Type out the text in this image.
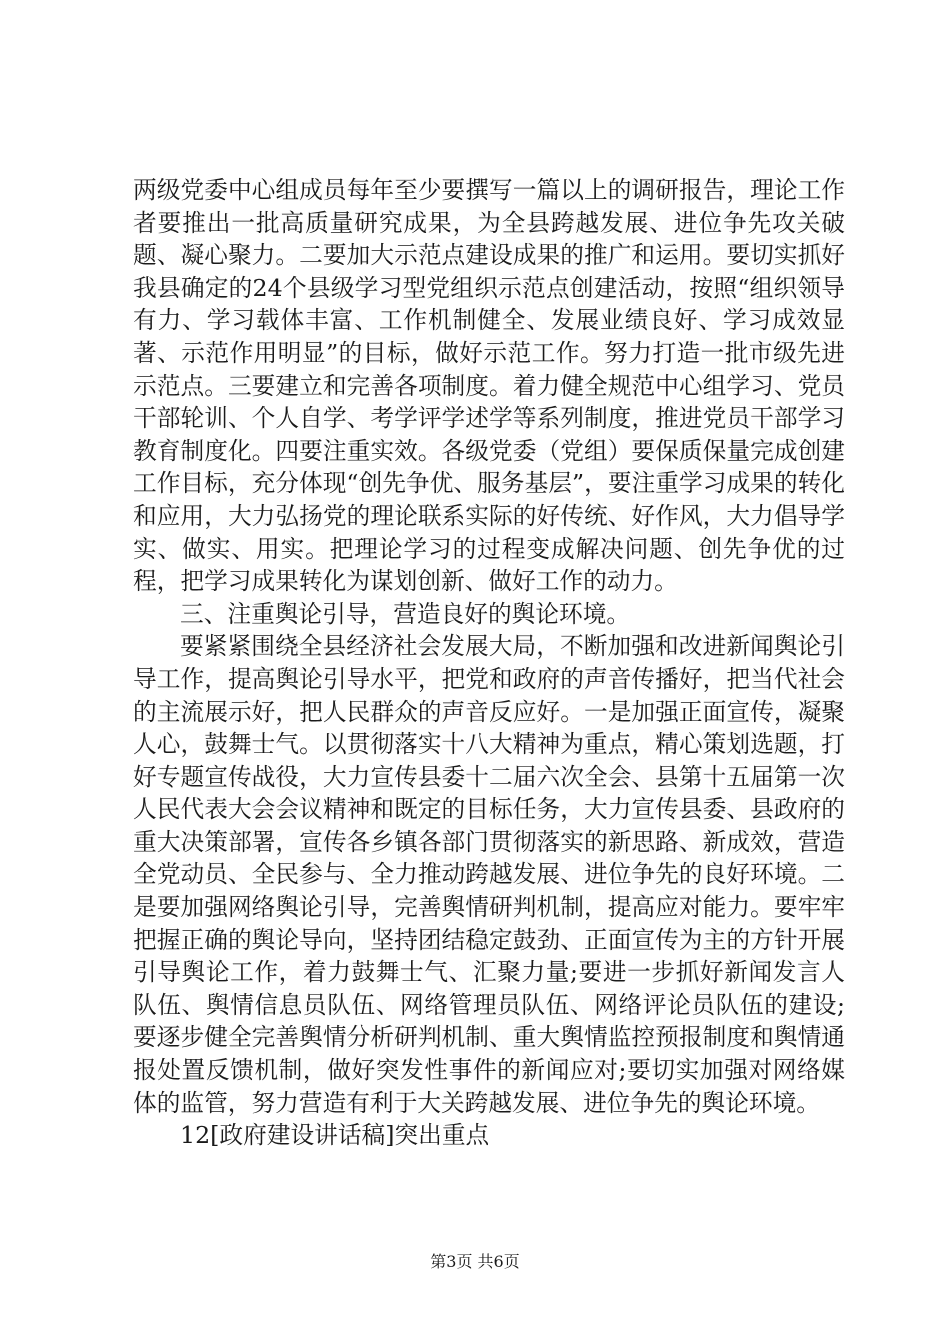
两级党委中心组成员每年至少要撰写一篇以上的调研报告，理论工作者要推出一批高质量研究成果，为全县跨越发展、进位争先攻关破题、凝心聚力。二要加大示范点建设成果的推广和运用。要切实抓好我县确定的24个县级学习型党组织示范点创建活动，按照“组织领导有力、学习载体丰富、工作机制健全、发展业绩良好、学习成效显著、示范作用明显”的目标，做好示范工作。努力打造一批市级先进示范点。三要建立和完善各项制度。着力健全规范中心组学习、党员干部轮训、个人自学、考学评学述学等系列制度，推进党员干部学习教育制度化。四要注重实效。各级党委（党组）要保质保量完成创建工作目标，充分体现“创先争优、服务基层”，要注重学习成果的转化和应用，大力弘扬党的理论联系实际的好传统、好作风，大力倡导学实、做实、用实。把理论学习的过程变成解决问题、创先争优的过程，把学习成果转化为谋划创新、做好工作的动力。

三、注重舆论引导，营造良好的舆论环境。

要紧紧围绕全县经济社会发展大局，不断加强和改进新闻舆论引导工作，提高舆论引导水平，把党和政府的声音传播好，把当代社会的主流展示好，把人民群众的声音反应好。一是加强正面宣传，凝聚人心，鼓舞士气。以贯彻落实十八大精神为重点，精心策划选题，打好专题宣传战役，大力宣传县委十二届六次全会、县第十五届第一次人民代表大会会议精神和既定的目标任务，大力宣传县委、县政府的重大决策部署，宣传各乡镇各部门贯彻落实的新思路、新成效，营造全党动员、全民参与、全力推动跨越发展、进位争先的良好环境。二是要加强网络舆论引导，完善舆情研判机制，提高应对能力。要牢牢把握正确的舆论导向，坚持团结稳定鼓劲、正面宣传为主的方针开展引导舆论工作，着力鼓舞士气、汇聚力量;要进一步抓好新闻发言人队伍、舆情信息员队伍、网络管理员队伍、网络评论员队伍的建设;要逐步健全完善舆情分析研判机制、重大舆情监控预报制度和舆情通报处置反馈机制，做好突发性事件的新闻应对;要切实加强对网络媒体的监管，努力营造有利于大关跨越发展、进位争先的舆论环境。

12[政府建设讲话稿]突出重点

第3页 共6页
